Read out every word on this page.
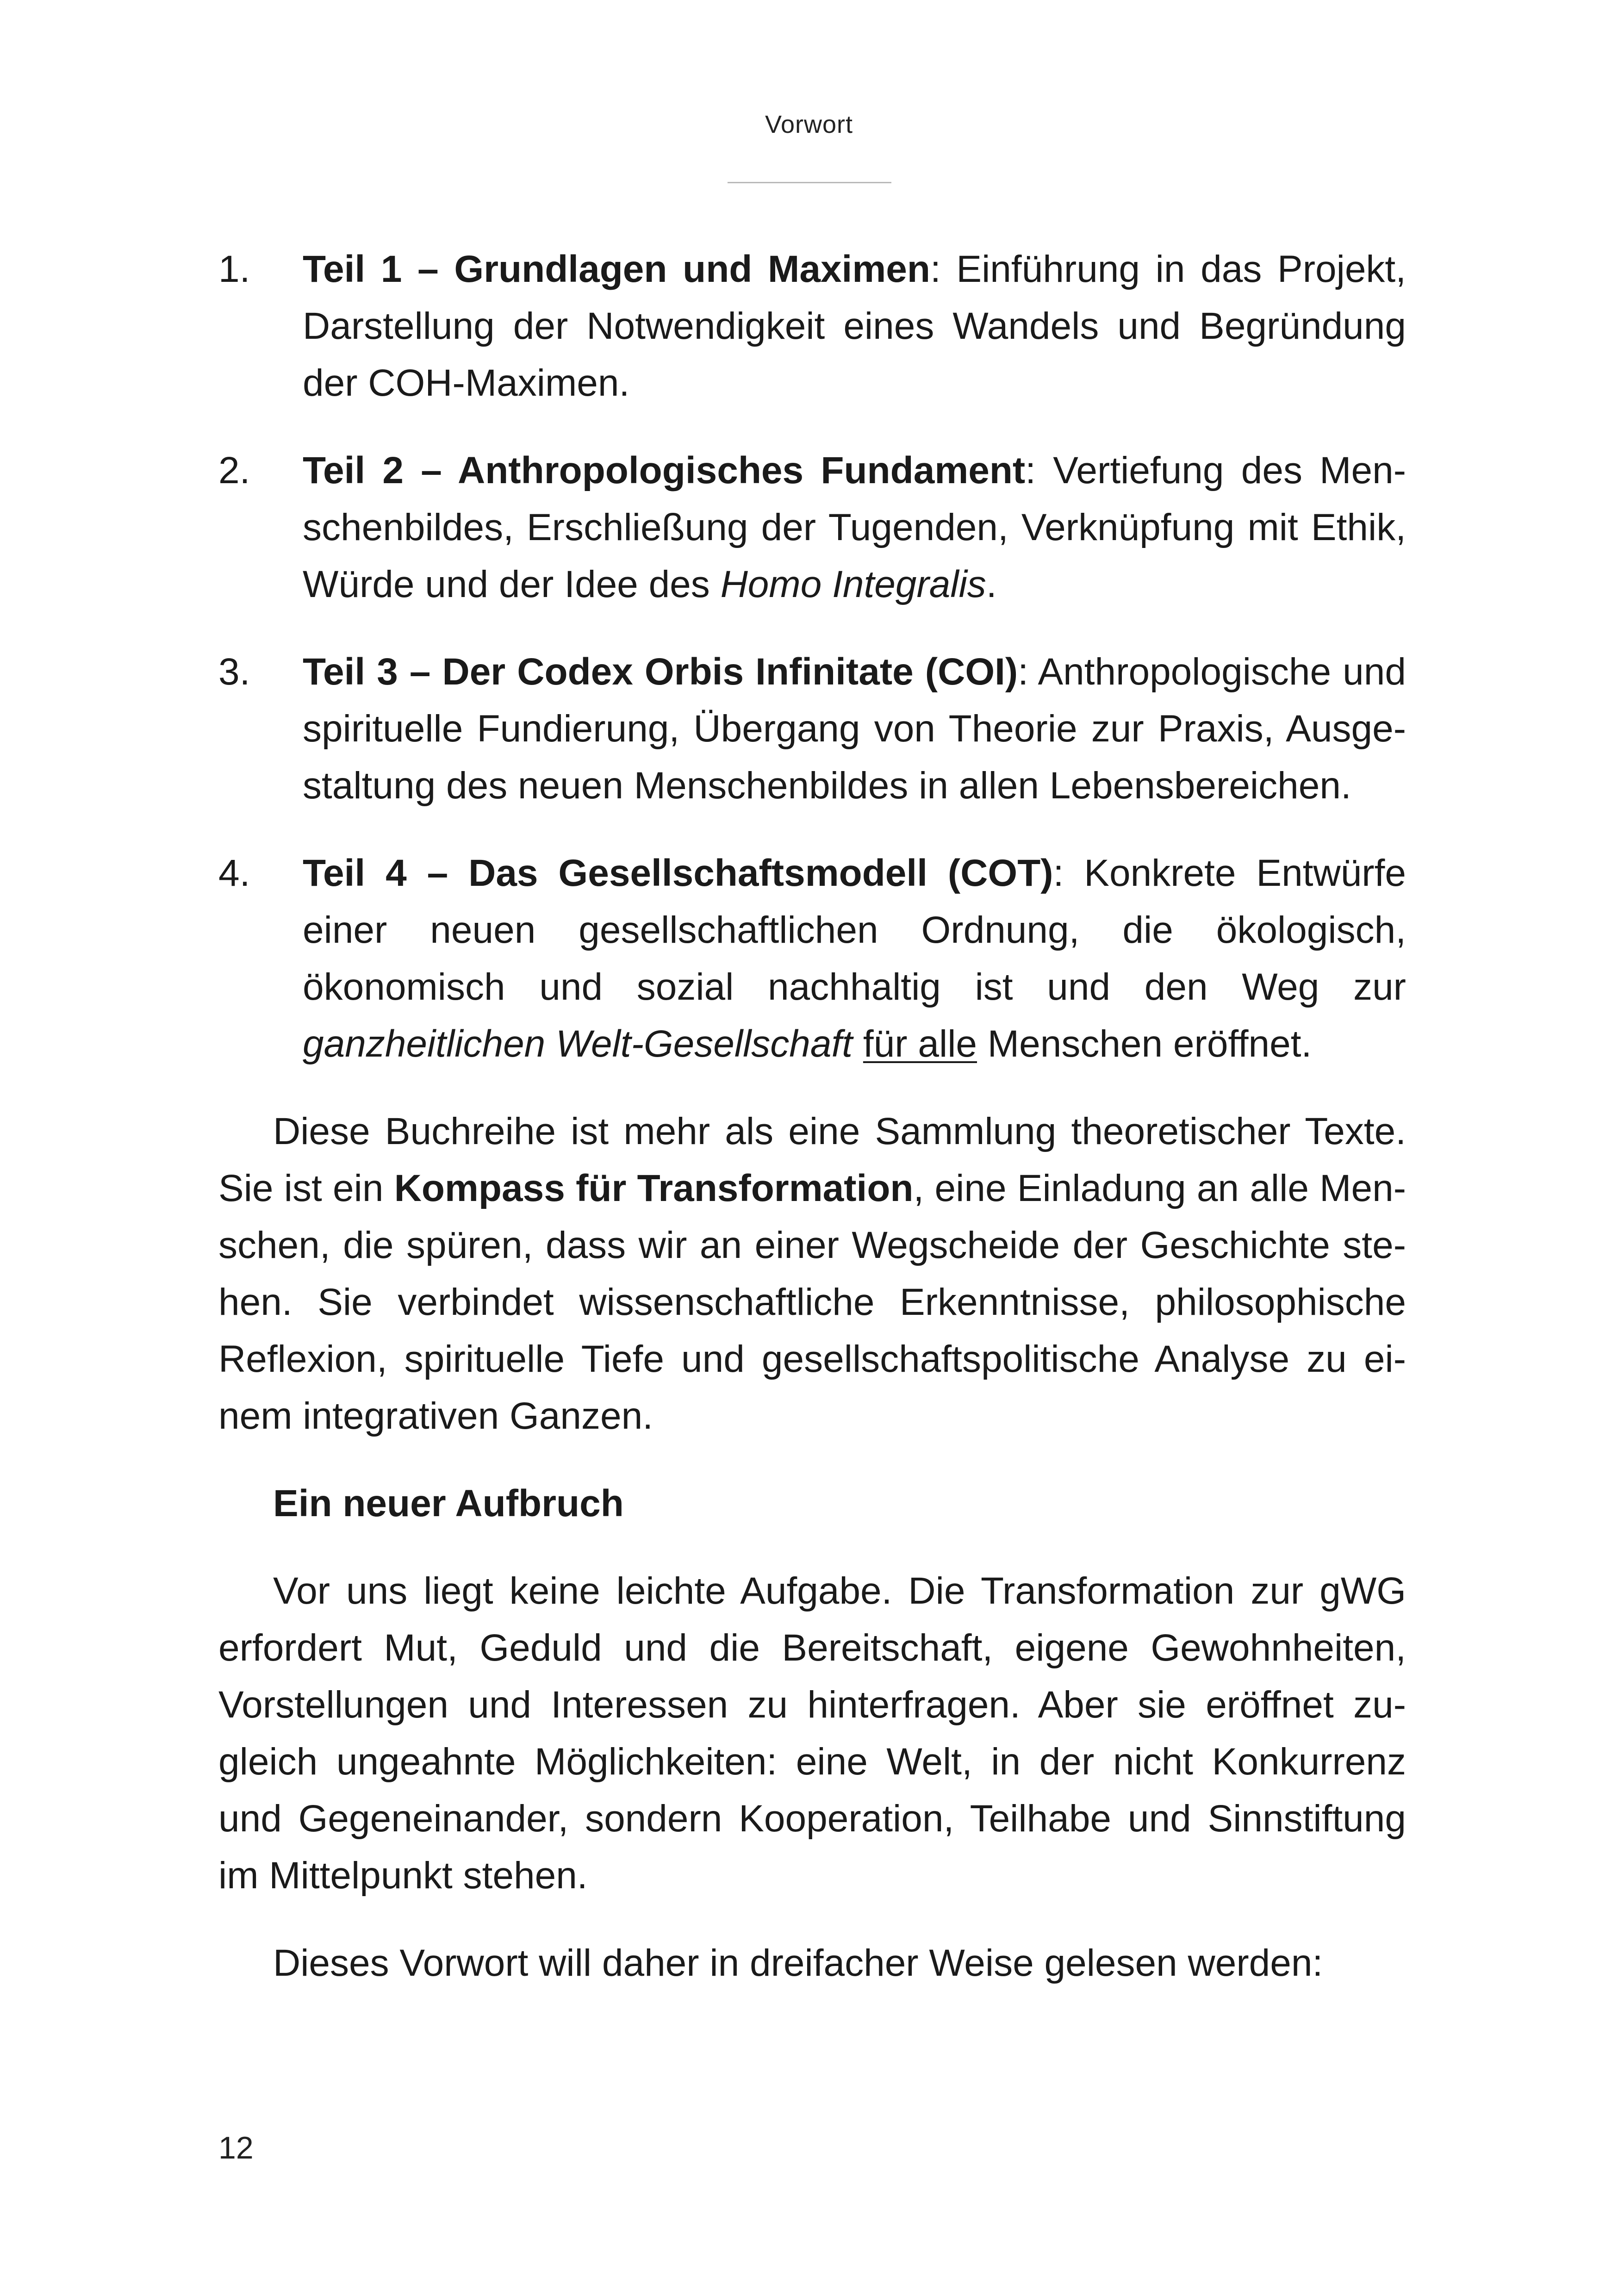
Vorwort
1. Teil 1 – Grundlagen und Maximen: Einführung in das Projekt, Darstellung der Notwendigkeit eines Wandels und Begründung der COH-Maximen.
2. Teil 2 – Anthropologisches Fundament: Vertiefung des Menschenbildes, Erschließung der Tugenden, Verknüpfung mit Ethik, Würde und der Idee des Homo Integralis.
3. Teil 3 – Der Codex Orbis Infinitate (COI): Anthropologische und spirituelle Fundierung, Übergang von Theorie zur Praxis, Ausgestaltung des neuen Menschenbildes in allen Lebensbereichen.
4. Teil 4 – Das Gesellschaftsmodell (COT): Konkrete Entwürfe einer neuen gesellschaftlichen Ordnung, die ökologisch, ökonomisch und sozial nachhaltig ist und den Weg zur ganzheitlichen Welt-Gesellschaft für alle Menschen eröffnet.

Diese Buchreihe ist mehr als eine Sammlung theoretischer Texte. Sie ist ein Kompass für Transformation, eine Einladung an alle Menschen, die spüren, dass wir an einer Wegscheide der Geschichte stehen. Sie verbindet wissenschaftliche Erkenntnisse, philosophische Reflexion, spirituelle Tiefe und gesellschaftspolitische Analyse zu einem integrativen Ganzen.

Ein neuer Aufbruch

Vor uns liegt keine leichte Aufgabe. Die Transformation zur gWG erfordert Mut, Geduld und die Bereitschaft, eigene Gewohnheiten, Vorstellungen und Interessen zu hinterfragen. Aber sie eröffnet zugleich ungeahnte Möglichkeiten: eine Welt, in der nicht Konkurrenz und Gegeneinander, sondern Kooperation, Teilhabe und Sinnstiftung im Mittelpunkt stehen.

Dieses Vorwort will daher in dreifacher Weise gelesen werden:

12
